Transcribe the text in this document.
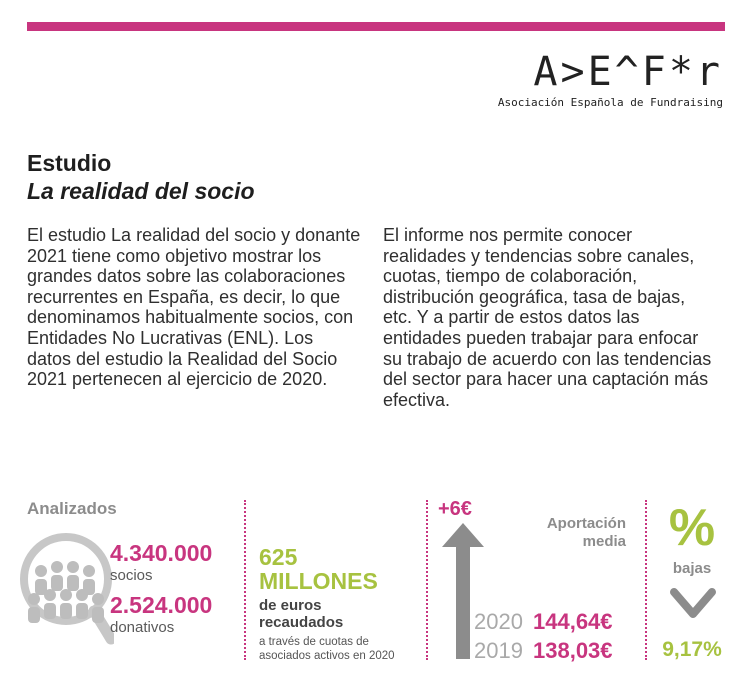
A>E^F*r
Asociación Española de Fundraising
Estudio
La realidad del socio
El estudio La realidad del socio y donante 2021 tiene como objetivo mostrar los grandes datos sobre las colaboraciones recurrentes en España, es decir, lo que denominamos habitualmente socios, con Entidades No Lucrativas (ENL). Los datos del estudio la Realidad del Socio 2021 pertenecen al ejercicio de 2020.
El informe nos permite conocer realidades y tendencias sobre canales, cuotas, tiempo de colaboración, distribución geográfica, tasa de bajas, etc. Y a partir de estos datos las entidades pueden trabajar para enfocar su trabajo de acuerdo con las tendencias del sector para hacer una captación más efectiva.
Analizados
4.340.000
socios
2.524.000
donativos
625
MILLONES
de euros
recaudados
a través de cuotas de
asociados activos en 2020
+6€
Aportación
media
2020 144,64€
2019 138,03€
%
bajas
9,17%
